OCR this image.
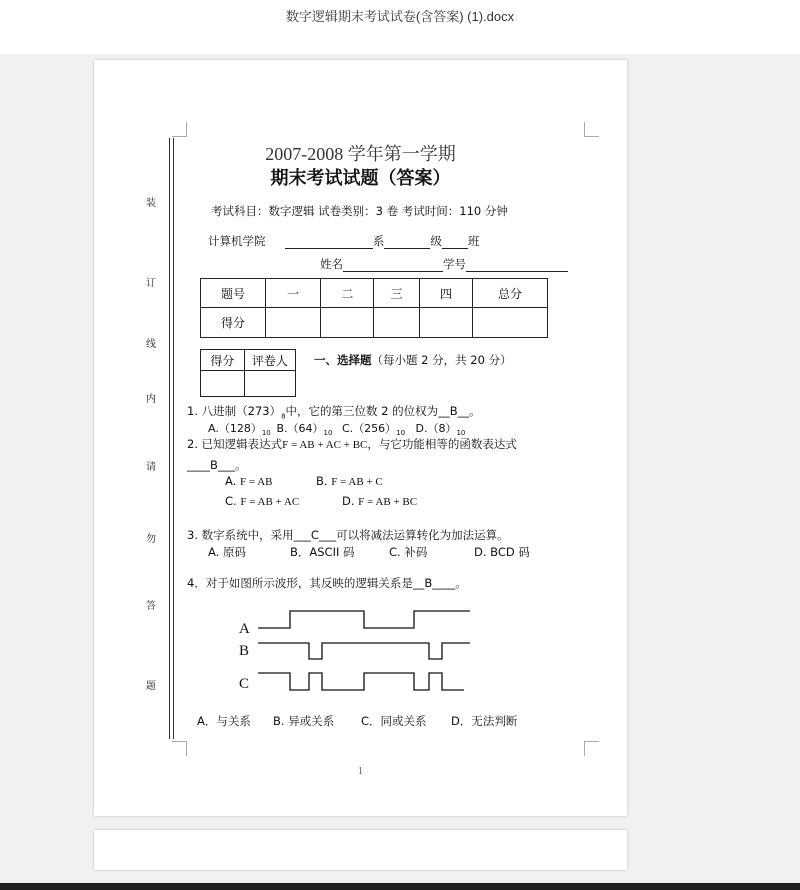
数字逻辑期末考试试卷(含答案) (1).docx
装
订
线
内
请
勿
答
题
2007-2008 学年第一学期
期末考试试题（答案）
考试科目：数字逻辑 试卷类别：3 卷 考试时间：110 分钟
计算机学院	系	级 班
姓名	学号
题号	一	二	三	四	总分
得分					
得分	评卷人
	一、选择题（每小题 2 分，共 20 分）
1. 八进制$(273)_8$中，它的第三位数 2 的位权为__B__。
$A.(128)_{10}$ $B.(64)_{10}$ $C.(256)_{10}$ $D.(8)_{10}$
2. 已知逻辑表达式F = AB + AC + BC，与它功能相等的函数表达式
____B___。
A. F = AB	B. F = AB + C
C. F = AB + AC	D. F = AB + BC
3. 数字系统中，采用___C___可以将减法运算转化为加法运算。
A. 原码	B．ASCII 码	C. 补码	D. BCD 码
4．对于如图所示波形，其反映的逻辑关系是__B____。
A
B
C
A．与关系 B. 异或关系 C．同或关系 D．无法判断
1
